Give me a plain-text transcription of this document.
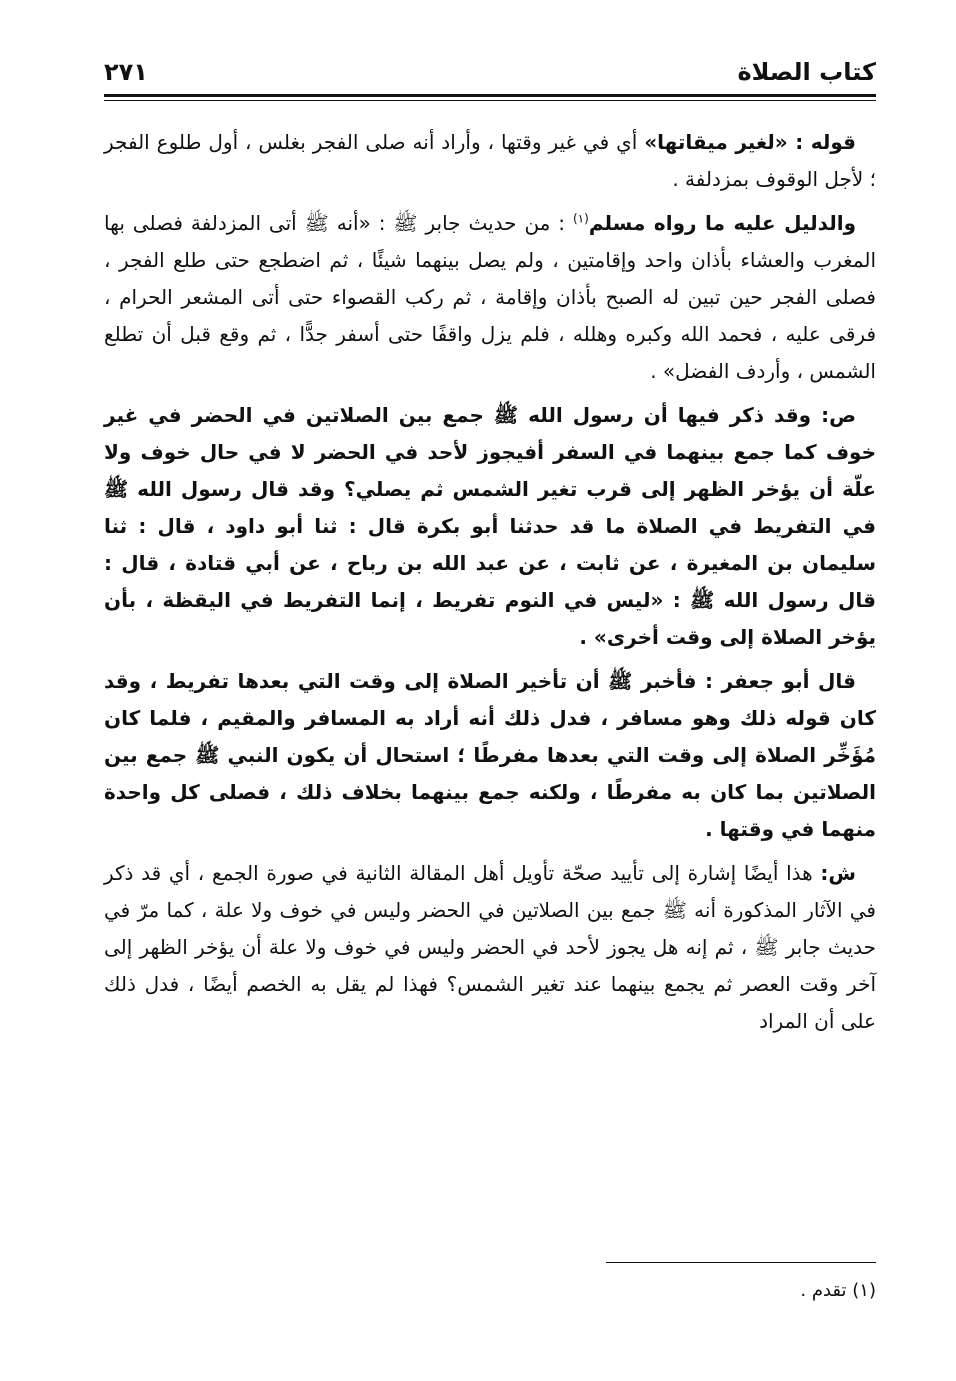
كتاب الصلاة
٢٧١

قوله : «لغير ميقاتها» أي في غير وقتها ، وأراد أنه صلى الفجر بغلس ، أول طلوع الفجر ؛ لأجل الوقوف بمزدلفة .

والدليل عليه ما رواه مسلم$^{(١)}$ : من حديث جابر ﷺ : «أنه ﷺ أتى المزدلفة فصلى بها المغرب والعشاء بأذان واحد وإقامتين ، ولم يصل بينهما شيئًا ، ثم اضطجع حتى طلع الفجر ، فصلى الفجر حين تبين له الصبح بأذان وإقامة ، ثم ركب القصواء حتى أتى المشعر الحرام ، فرقى عليه ، فحمد الله وكبره وهلله ، فلم يزل واقفًا حتى أسفر جدًّا ، ثم وقع قبل أن تطلع الشمس ، وأردف الفضل» .

ص: وقد ذكر فيها أن رسول الله ﷺ جمع بين الصلاتين في الحضر في غير خوف كما جمع بينهما في السفر أفيجوز لأحد في الحضر لا في حال خوف ولا علّة أن يؤخر الظهر إلى قرب تغير الشمس ثم يصلي؟ وقد قال رسول الله ﷺ في التفريط في الصلاة ما قد حدثنا أبو بكرة قال : ثنا أبو داود ، قال : ثنا سليمان بن المغيرة ، عن ثابت ، عن عبد الله بن رباح ، عن أبي قتادة ، قال : قال رسول الله ﷺ : «ليس في النوم تفريط ، إنما التفريط في اليقظة ، بأن يؤخر الصلاة إلى وقت أخرى» .

قال أبو جعفر : فأخبر ﷺ أن تأخير الصلاة إلى وقت التي بعدها تفريط ، وقد كان قوله ذلك وهو مسافر ، فدل ذلك أنه أراد به المسافر والمقيم ، فلما كان مُؤَخِّر الصلاة إلى وقت التي بعدها مفرطًا ؛ استحال أن يكون النبي ﷺ جمع بين الصلاتين بما كان به مفرطًا ، ولكنه جمع بينهما بخلاف ذلك ، فصلى كل واحدة منهما في وقتها .

ش: هذا أيضًا إشارة إلى تأييد صحّة تأويل أهل المقالة الثانية في صورة الجمع ، أي قد ذكر في الآثار المذكورة أنه ﷺ جمع بين الصلاتين في الحضر وليس في خوف ولا علة ، كما مرّ في حديث جابر ﷺ ، ثم إنه هل يجوز لأحد في الحضر وليس في خوف ولا علة أن يؤخر الظهر إلى آخر وقت العصر ثم يجمع بينهما عند تغير الشمس؟ فهذا لم يقل به الخصم أيضًا ، فدل ذلك على أن المراد

(١) تقدم .
